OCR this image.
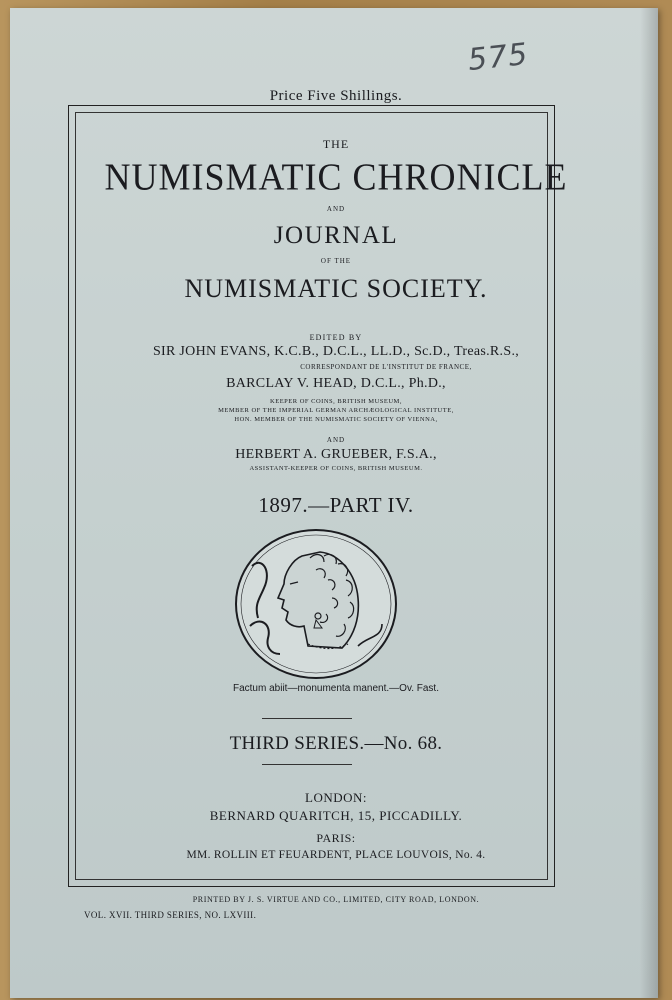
575
Price Five Shillings.
THE
NUMISMATIC CHRONICLE
AND
JOURNAL
OF THE
NUMISMATIC SOCIETY.
EDITED BY
SIR JOHN EVANS, K.C.B., D.C.L., LL.D., Sc.D., Treas.R.S.,
CORRESPONDANT DE L'INSTITUT DE FRANCE,
BARCLAY V. HEAD, D.C.L., Ph.D.,
KEEPER OF COINS, BRITISH MUSEUM,
MEMBER OF THE IMPERIAL GERMAN ARCHÆOLOGICAL INSTITUTE,
HON. MEMBER OF THE NUMISMATIC SOCIETY OF VIENNA,
AND
HERBERT A. GRUEBER, F.S.A.,
ASSISTANT-KEEPER OF COINS, BRITISH MUSEUM.
1897.—PART IV.
Factum abiit—monumenta manent.—Ov. Fast.
THIRD SERIES.—No. 68.
LONDON:
BERNARD QUARITCH, 15, PICCADILLY.
PARIS:
MM. ROLLIN ET FEUARDENT, PLACE LOUVOIS, No. 4.
PRINTED BY J. S. VIRTUE AND CO., LIMITED, CITY ROAD, LONDON.
VOL. XVII. THIRD SERIES, NO. LXVIII.
